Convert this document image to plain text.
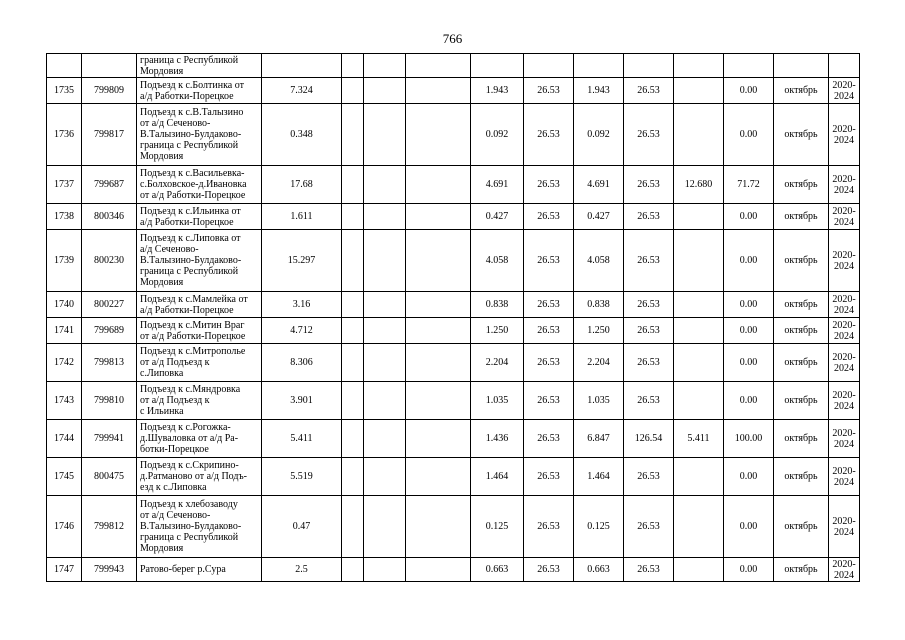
766
		граница с Республикой
Мордовия												
1735	799809	Подъезд к с.Болтинка от
а/д Работки-Порецкое	7.324				1.943	26.53	1.943	26.53		0.00	октябрь	2020-
2024
1736	799817	Подъезд к с.В.Талызино
от а/д Сеченово-
В.Талызино-Булдаково-
граница с Республикой
Мордовия	0.348				0.092	26.53	0.092	26.53		0.00	октябрь	2020-
2024
1737	799687	Подъезд к с.Васильевка-
с.Болховское-д.Ивановка
от а/д Работки-Порецкое	17.68				4.691	26.53	4.691	26.53	12.680	71.72	октябрь	2020-
2024
1738	800346	Подъезд к с.Ильинка от
а/д Работки-Порецкое	1.611				0.427	26.53	0.427	26.53		0.00	октябрь	2020-
2024
1739	800230	Подъезд к с.Липовка от
а/д Сеченово-
В.Талызино-Булдаково-
граница с Республикой
Мордовия	15.297				4.058	26.53	4.058	26.53		0.00	октябрь	2020-
2024
1740	800227	Подъезд к с.Мамлейка от
а/д Работки-Порецкое	3.16				0.838	26.53	0.838	26.53		0.00	октябрь	2020-
2024
1741	799689	Подъезд к с.Митин Враг
от а/д Работки-Порецкое	4.712				1.250	26.53	1.250	26.53		0.00	октябрь	2020-
2024
1742	799813	Подъезд к с.Митрополье
от а/д Подъезд к
с.Липовка	8.306				2.204	26.53	2.204	26.53		0.00	октябрь	2020-
2024
1743	799810	Подъезд к с.Мяндровка
от а/д Подъезд к
с Ильинка	3.901				1.035	26.53	1.035	26.53		0.00	октябрь	2020-
2024
1744	799941	Подъезд к с.Рогожка-
д.Шуваловка от а/д Ра-
ботки-Порецкое	5.411				1.436	26.53	6.847	126.54	5.411	100.00	октябрь	2020-
2024
1745	800475	Подъезд к с.Скрипино-
д.Ратманово от а/д Подъ-
езд к с.Липовка	5.519				1.464	26.53	1.464	26.53		0.00	октябрь	2020-
2024
1746	799812	Подъезд к хлебозаводу
от а/д Сеченово-
В.Талызино-Булдаково-
граница с Республикой
Мордовия	0.47				0.125	26.53	0.125	26.53		0.00	октябрь	2020-
2024
1747	799943	Ратово-берег р.Сура	2.5				0.663	26.53	0.663	26.53		0.00	октябрь	2020-
2024
